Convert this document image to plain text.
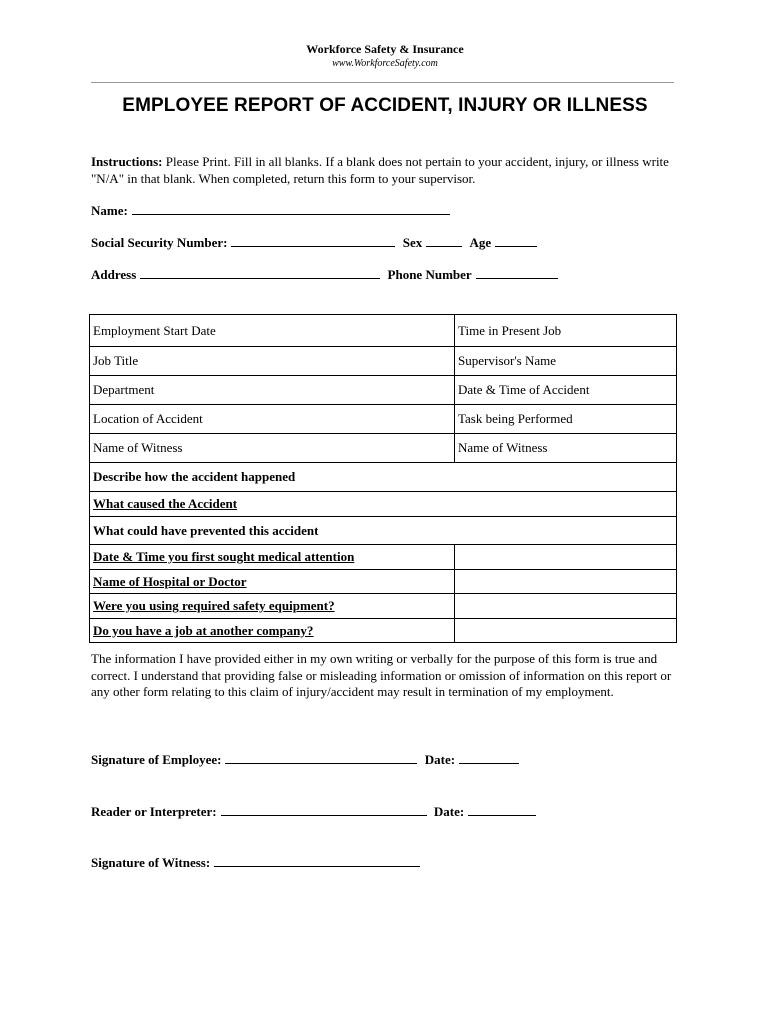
Workforce Safety & Insurance
www.WorkforceSafety.com
EMPLOYEE REPORT OF ACCIDENT, INJURY OR ILLNESS
Instructions: Please Print. Fill in all blanks. If a blank does not pertain to your accident, injury, or illness write "N/A" in that blank. When completed, return this form to your supervisor.
Name:
Social Security Number:	Sex	Age
Address	Phone Number
Employment Start Date	Time in Present Job
Job Title	Supervisor's Name
Department	Date & Time of Accident
Location of Accident	Task being Performed
Name of Witness	Name of Witness
Describe how the accident happened	
What caused the Accident	
What could have prevented this accident	
Date & Time you first sought medical attention	
Name of Hospital or Doctor	
Were you using required safety equipment?	
Do you have a job at another company?	
The information I have provided either in my own writing or verbally for the purpose of this form is true and correct. I understand that providing false or misleading information or omission of information on this report or any other form relating to this claim of injury/accident may result in termination of my employment.
Signature of Employee:	Date:
Reader or Interpreter:	Date:
Signature of Witness:
